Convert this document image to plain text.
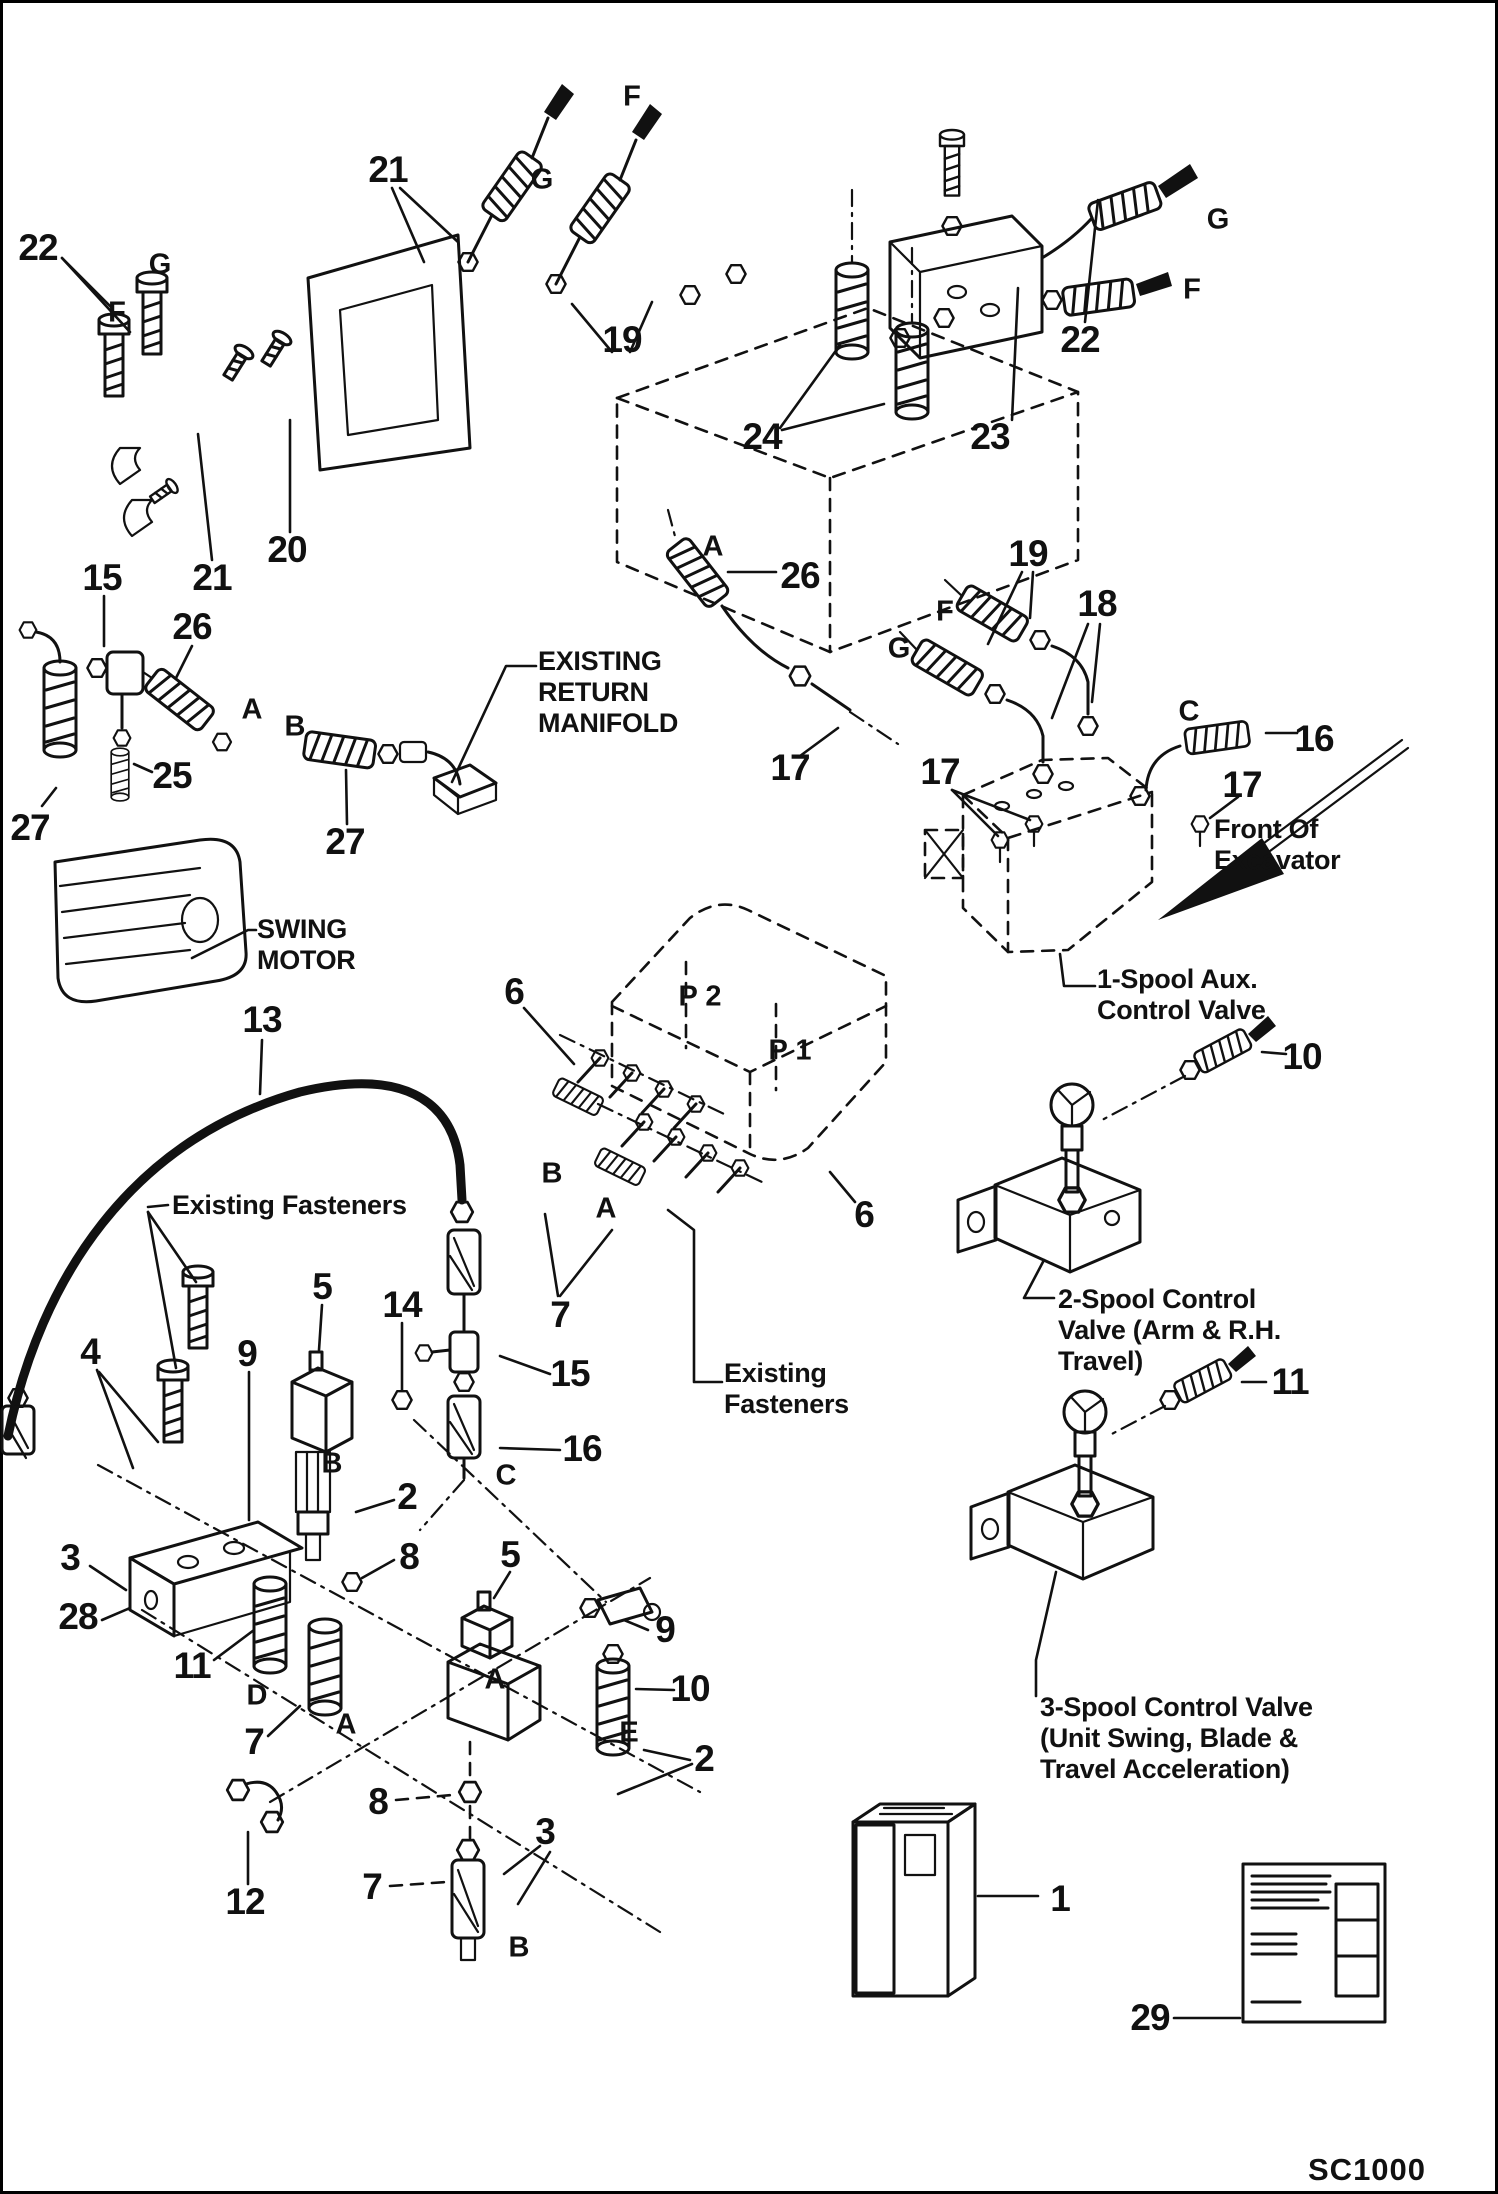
EXISTING
RETURN
MANIFOLD
SWING
MOTOR
Existing Fasteners
Existing
Fasteners
Front Of
Excavator
1-Spool Aux.
Control Valve
2-Spool Control
Valve (Arm & R.H.
Travel)
3-Spool Control Valve
(Unit Swing, Blade &
Travel Acceleration)
SC1000
22
21
19
20
21
15
26
25
27	27
13
24	23
22
26
17
19
18
16
17	17
10
11
6
6
7
15
16
5 14
4	9
2
3	8 5
28
11
7
12
8
7
3
2
9
10
1
29
G
F
G
F
A
B
A
G
F
F
G
C
P 2
P 1
B
A
B	C
D
A
A
E
B
